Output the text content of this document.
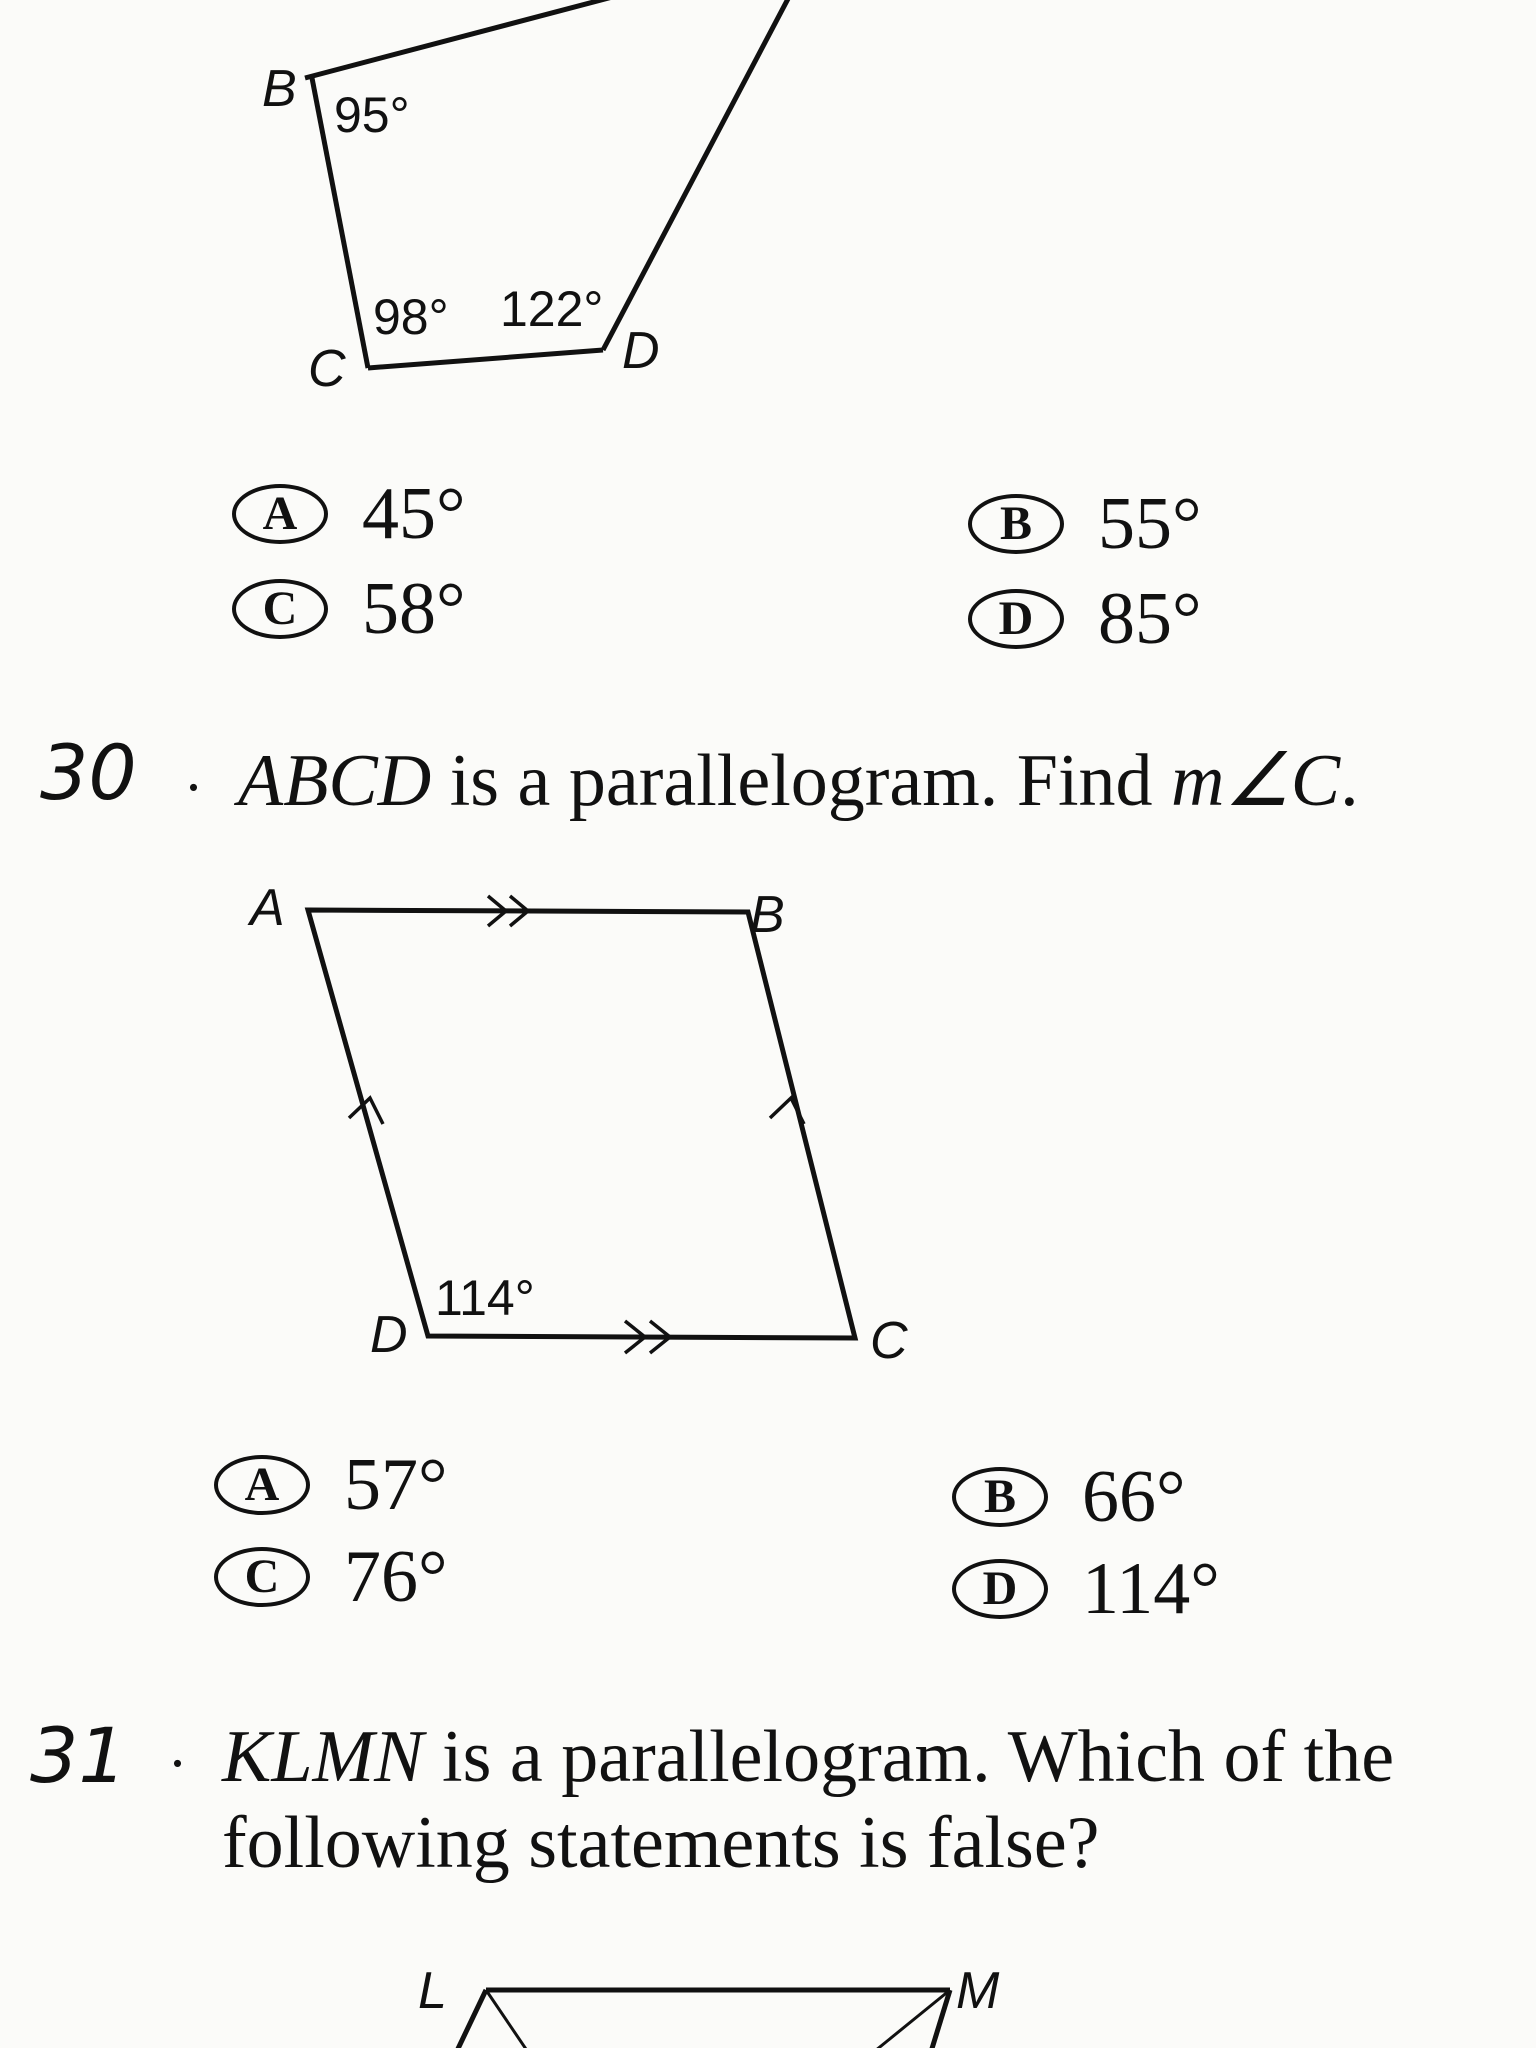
B
C	D
95°
98° 122°
A 45°	B 55°
C 58°	D 85°
30 . ABCD is a parallelogram. Find m∠C.
A	B
C
D
114°
A 57°	B 66°
C 76°	D 114°
31 . KLMN is a parallelogram. Which of the
following statements is false?
L	M
